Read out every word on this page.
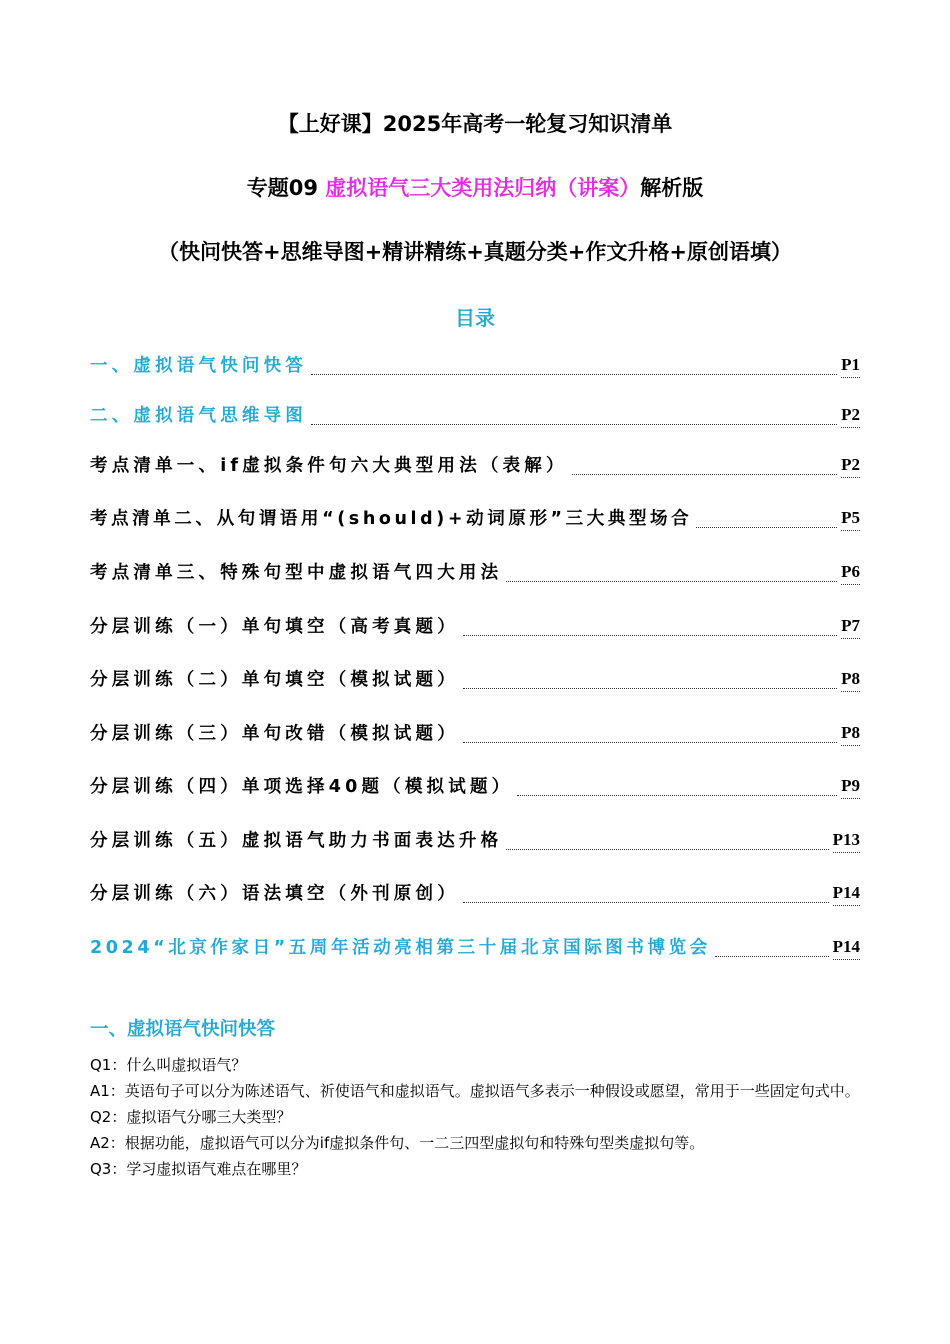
【上好课】2025年高考一轮复习知识清单
专题09 虚拟语气三大类用法归纳（讲案）解析版
（快问快答+思维导图+精讲精练+真题分类+作文升格+原创语填）
目录
一、虚拟语气快问快答	P1
二、虚拟语气思维导图	P2
考点清单一、if虚拟条件句六大典型用法（表解）	P2
考点清单二、从句谓语用“(should)+动词原形”三大典型场合	P5
考点清单三、特殊句型中虚拟语气四大用法	P6
分层训练（一）单句填空（高考真题）	P7
分层训练（二）单句填空（模拟试题）	P8
分层训练（三）单句改错（模拟试题）	P8
分层训练（四）单项选择40题（模拟试题）	P9
分层训练（五）虚拟语气助力书面表达升格	P13
分层训练（六）语法填空（外刊原创）	P14
2024“北京作家日”五周年活动亮相第三十届北京国际图书博览会	P14
一、虚拟语气快问快答

Q1：什么叫虚拟语气？

A1：英语句子可以分为陈述语气、祈使语气和虚拟语气。虚拟语气多表示一种假设或愿望，常用于一些固定句式中。

Q2：虚拟语气分哪三大类型？

A2：根据功能，虚拟语气可以分为if虚拟条件句、一二三四型虚拟句和特殊句型类虚拟句等。

Q3：学习虚拟语气难点在哪里？
